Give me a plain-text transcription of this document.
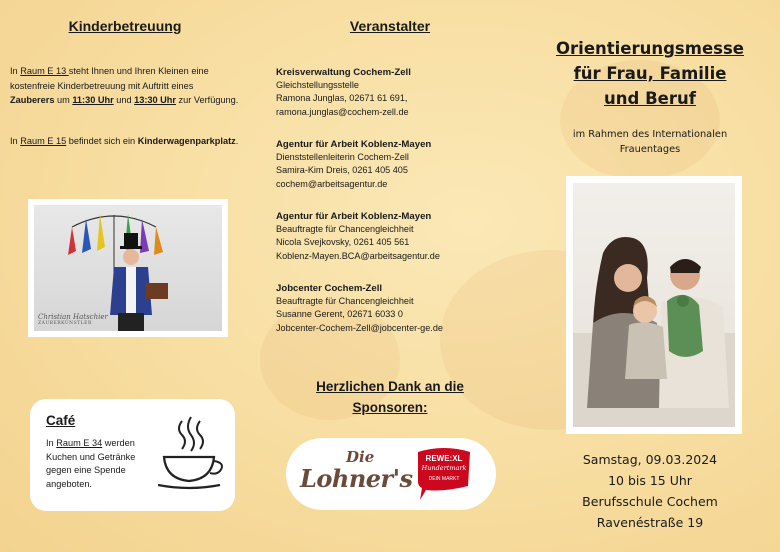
Kinderbetreuung

In Raum E 13 steht Ihnen und Ihren Kleinen eine kostenfreie Kinderbetreuung mit Auftritt eines Zauberers um 11:30 Uhr und 13:30 Uhr zur Verfügung.

In Raum E 15 befindet sich ein Kinderwagenparkplatz.

Christian Hatschier
ZAUBERKÜNSTLER
Café

In Raum E 34 werden Kuchen und Getränke gegen eine Spende angeboten.

Veranstalter
Kreisverwaltung Cochem-Zell
Gleichstellungsstelle
Ramona Junglas, 02671 61 691,
ramona.junglas@cochem-zell.de
Agentur für Arbeit Koblenz-Mayen
Dienststellenleiterin Cochem-Zell
Samira-Kim Dreis, 0261 405 405
cochem@arbeitsagentur.de
Agentur für Arbeit Koblenz-Mayen
Beauftragte für Chancengleichheit
Nicola Svejkovsky, 0261 405 561
Koblenz-Mayen.BCA@arbeitsagentur.de
Jobcenter Cochem-Zell
Beauftragte für Chancengleichheit
Susanne Gerent, 02671 6033 0
Jobcenter-Cochem-Zell@jobcenter-ge.de
Herzlichen Dank an die
Sponsoren:
Die
Lohner's
REWE:XL
Hundertmark
DEIN MARKT
Orientierungsmesse
für Frau, Familie
und Beruf
im Rahmen des Internationalen
Frauentages
Samstag, 09.03.2024
10 bis 15 Uhr
Berufsschule Cochem
Ravenéstraße 19
